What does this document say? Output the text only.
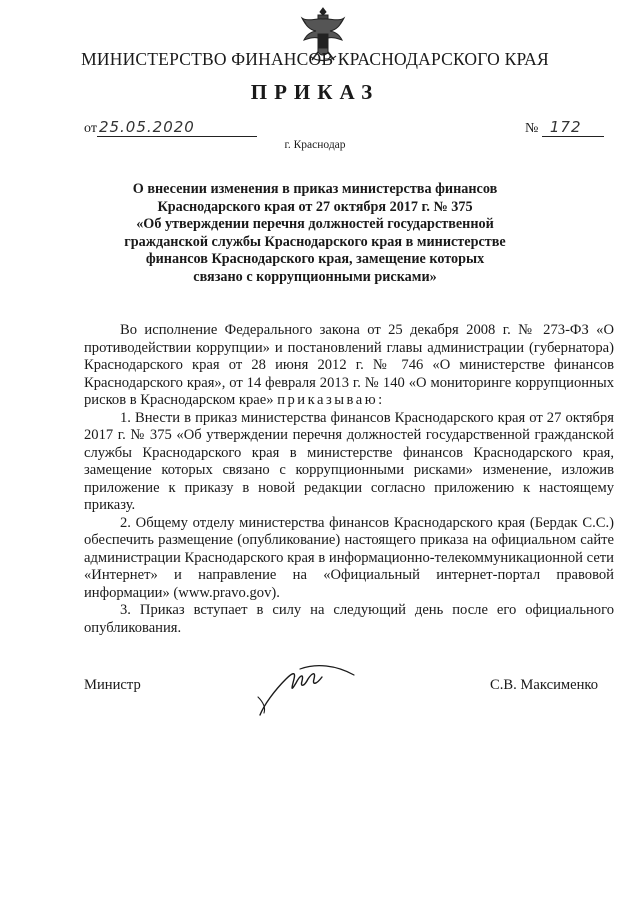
МИНИСТЕРСТВО ФИНАНСОВ КРАСНОДАРСКОГО КРАЯ
ПРИКАЗ
от 25.05.2020	№ 172
г. Краснодар
О внесении изменения в приказ министерства финансов
Краснодарского края от 27 октября 2017 г. № 375
«Об утверждении перечня должностей государственной
гражданской службы Краснодарского края в министерстве
финансов Краснодарского края, замещение которых
связано с коррупционными рисками»

Во исполнение Федерального закона от 25 декабря 2008 г. № 273-ФЗ «О противодействии коррупции» и постановлений главы администрации (губернатора) Краснодарского края от 28 июня 2012 г. № 746 «О министерстве финансов Краснодарского края», от 14 февраля 2013 г. № 140 «О мониторинге коррупционных рисков в Краснодарском крае» приказываю:

1. Внести в приказ министерства финансов Краснодарского края от 27 октября 2017 г. № 375 «Об утверждении перечня должностей государственной гражданской службы Краснодарского края в министерстве финансов Краснодарского края, замещение которых связано с коррупционными рисками» изменение, изложив приложение к приказу в новой редакции согласно приложению к настоящему приказу.

2. Общему отделу министерства финансов Краснодарского края (Бердак С.С.) обеспечить размещение (опубликование) настоящего приказа на официальном сайте администрации Краснодарского края в информационно-телекоммуникационной сети «Интернет» и направление на «Официальный интернет-портал правовой информации» (www.pravo.gov).

3. Приказ вступает в силу на следующий день после его официального опубликования.

Министр	С.В. Максименко
